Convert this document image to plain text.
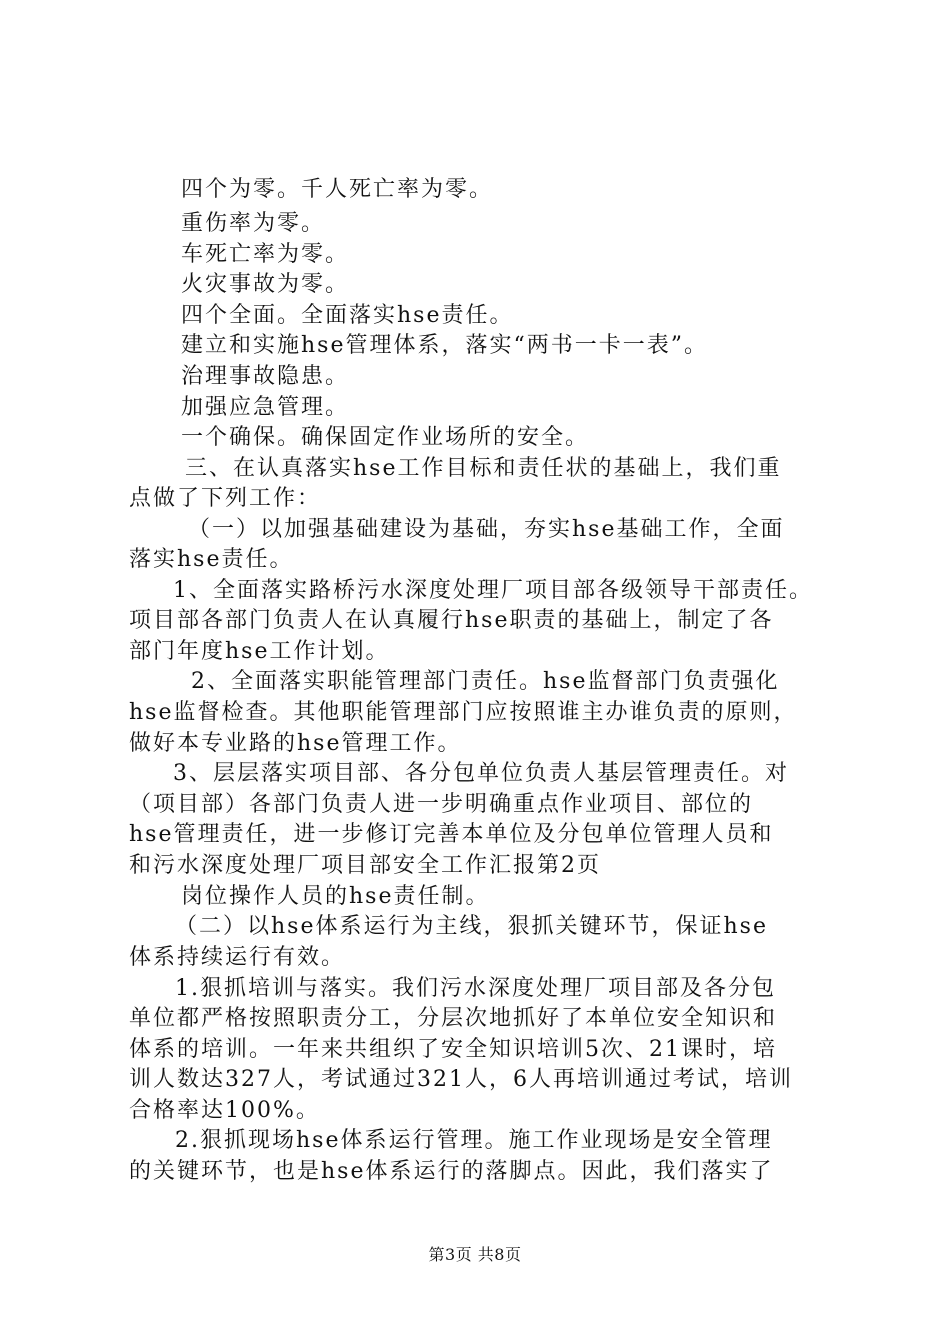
四个为零。千人死亡率为零。
重伤率为零。
车死亡率为零。
火灾事故为零。
四个全面。全面落实hse责任。
建立和实施hse管理体系，落实“两书一卡一表”。
治理事故隐患。
加强应急管理。
一个确保。确保固定作业场所的安全。
三、在认真落实hse工作目标和责任状的基础上，我们重
点做了下列工作：
（一）以加强基础建设为基础，夯实hse基础工作，全面
落实hse责任。
1、全面落实路桥污水深度处理厂项目部各级领导干部责任。
项目部各部门负责人在认真履行hse职责的基础上，制定了各
部门年度hse工作计划。
2、全面落实职能管理部门责任。hse监督部门负责强化
hse监督检查。其他职能管理部门应按照谁主办谁负责的原则，
做好本专业路的hse管理工作。
3、层层落实项目部、各分包单位负责人基层管理责任。对
（项目部）各部门负责人进一步明确重点作业项目、部位的
hse管理责任，进一步修订完善本单位及分包单位管理人员和
和污水深度处理厂项目部安全工作汇报第2页
岗位操作人员的hse责任制。
（二）以hse体系运行为主线，狠抓关键环节，保证hse
体系持续运行有效。
1.狠抓培训与落实。我们污水深度处理厂项目部及各分包
单位都严格按照职责分工，分层次地抓好了本单位安全知识和
体系的培训。一年来共组织了安全知识培训5次、21课时，培
训人数达327人，考试通过321人，6人再培训通过考试，培训
合格率达100%。
2.狠抓现场hse体系运行管理。施工作业现场是安全管理
的关键环节，也是hse体系运行的落脚点。因此，我们落实了
第3页 共8页
